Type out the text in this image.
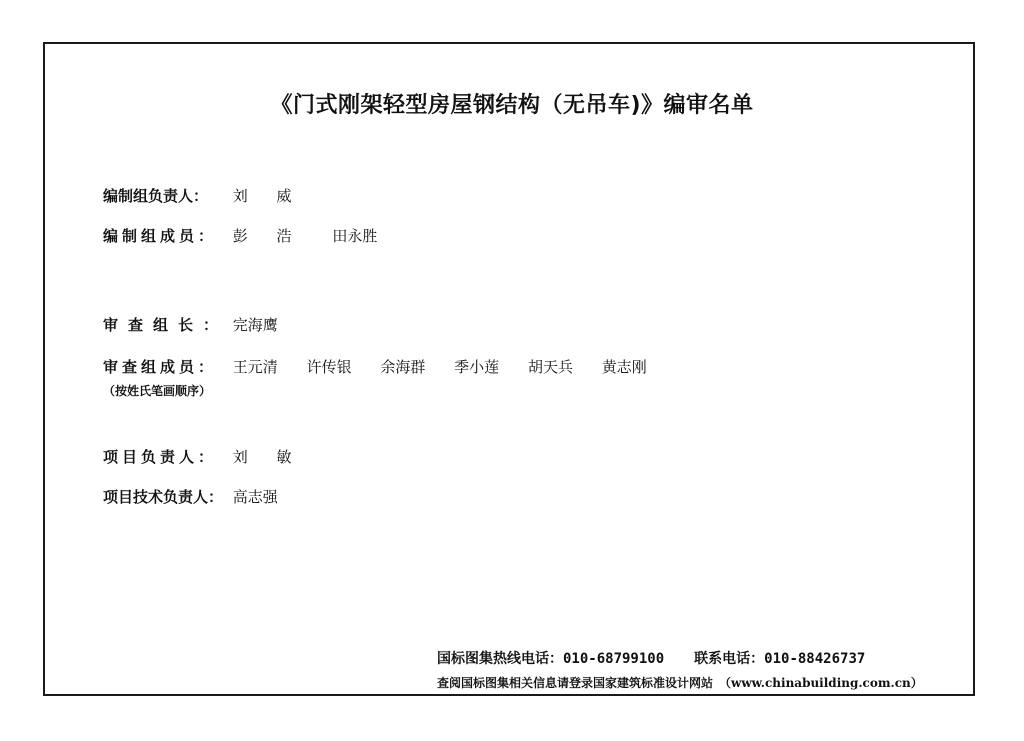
《门式刚架轻型房屋钢结构（无吊车)》编审名单
编制组负责人： 刘 威
编制组成员： 彭 浩 田永胜
审查组长： 完海鹰
审查组成员： 王元清 许传银 余海群 季小莲 胡天兵 黄志刚
（按姓氏笔画顺序）
项目负责人： 刘 敏
项目技术负责人： 高志强
国标图集热线电话：010-68799100 联系电话：010-88426737
查阅国标图集相关信息请登录国家建筑标准设计网站 （www.chinabuilding.com.cn）
